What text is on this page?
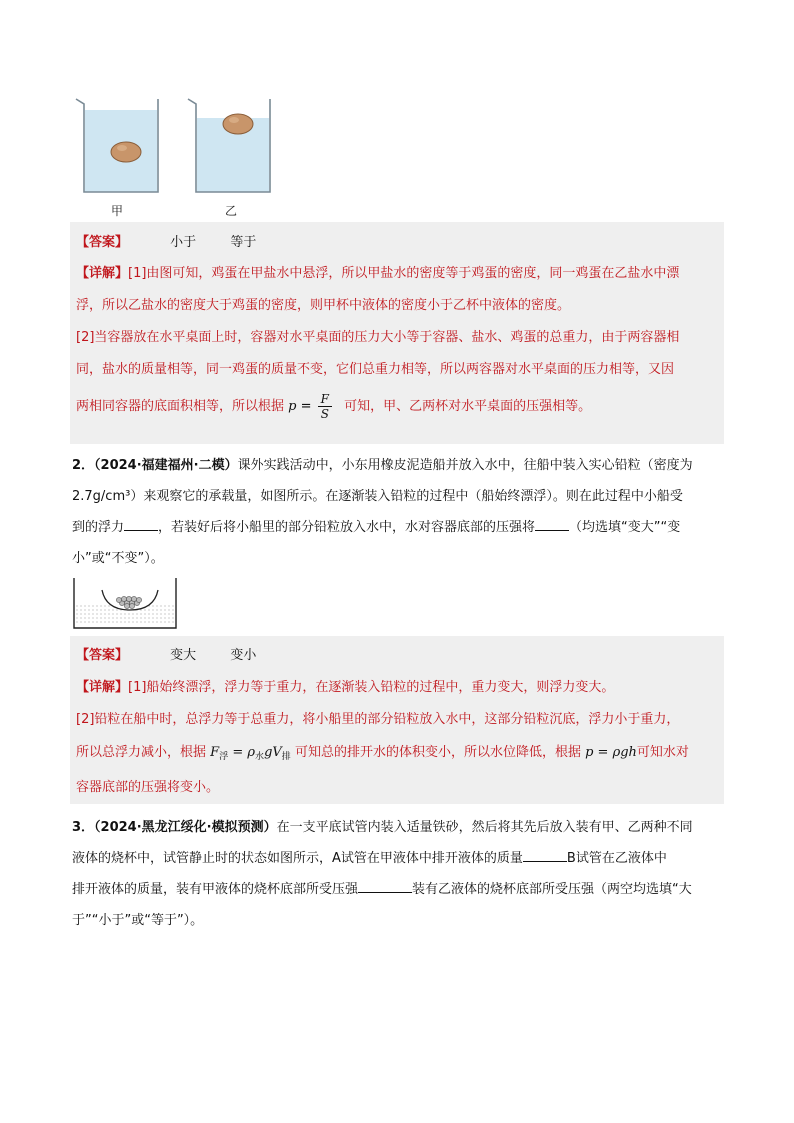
甲	乙
【答案】	小于	等于
【详解】[1]由图可知，鸡蛋在甲盐水中悬浮，所以甲盐水的密度等于鸡蛋的密度，同一鸡蛋在乙盐水中漂
浮，所以乙盐水的密度大于鸡蛋的密度，则甲杯中液体的密度小于乙杯中液体的密度。
[2]当容器放在水平桌面上时，容器对水平桌面的压力大小等于容器、盐水、鸡蛋的总重力，由于两容器相
同，盐水的质量相等，同一鸡蛋的质量不变，它们总重力相等，所以两容器对水平桌面的压力相等，又因
两相同容器的底面积相等，所以根据 $p = \frac{F}{S}$ 可知，甲、乙两杯对水平桌面的压强相等。
2．（2024·福建福州·二模）课外实践活动中，小东用橡皮泥造船并放入水中，往船中装入实心铅粒（密度为
2.7g/cm³）来观察它的承载量，如图所示。在逐渐装入铅粒的过程中（船始终漂浮）。则在此过程中小船受
到的浮力	，若装好后将小船里的部分铅粒放入水中，水对容器底部的压强将	（均选填“变大”“变
小”或“不变”）。
【答案】	变大	变小
【详解】[1]船始终漂浮，浮力等于重力，在逐渐装入铅粒的过程中，重力变大，则浮力变大。
[2]铅粒在船中时，总浮力等于总重力，将小船里的部分铅粒放入水中，这部分铅粒沉底，浮力小于重力，
所以总浮力减小，根据 $F_浮 = \rho_水gV_排$ 可知总的排开水的体积变小，所以水位降低，根据 p = ρgh可知水对
容器底部的压强将变小。
3．（2024·黑龙江绥化·模拟预测）在一支平底试管内装入适量铁砂，然后将其先后放入装有甲、乙两种不同
液体的烧杯中，试管静止时的状态如图所示，A试管在甲液体中排开液体的质量	B试管在乙液体中
排开液体的质量，装有甲液体的烧杯底部所受压强	装有乙液体的烧杯底部所受压强（两空均选填“大
于”“小于”或“等于”）。
